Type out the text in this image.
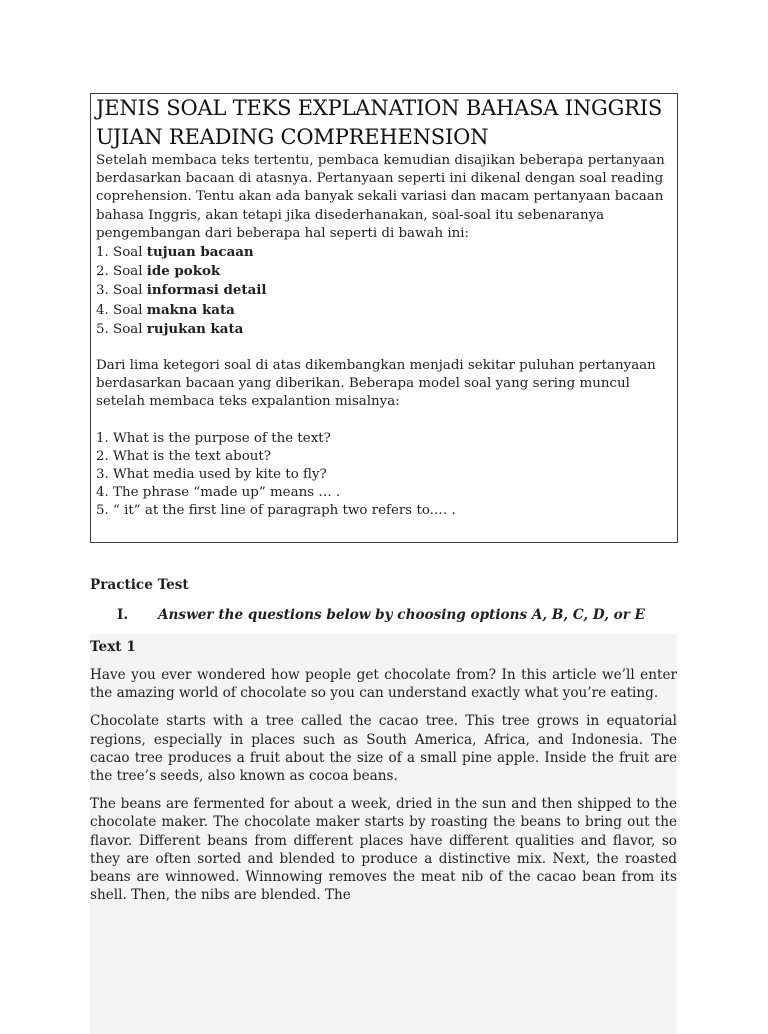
JENIS SOAL TEKS EXPLANATION BAHASA INGGRIS UJIAN READING COMPREHENSION

Setelah membaca teks tertentu, pembaca kemudian disajikan beberapa pertanyaan berdasarkan bacaan di atasnya. Pertanyaan seperti ini dikenal dengan soal reading coprehension. Tentu akan ada banyak sekali variasi dan macam pertanyaan bacaan bahasa Inggris, akan tetapi jika disederhanakan, soal-soal itu sebenaranya pengembangan dari beberapa hal seperti di bawah ini:

1. Soal tujuan bacaan
2. Soal ide pokok
3. Soal informasi detail
4. Soal makna kata
5. Soal rujukan kata

Dari lima ketegori soal di atas dikembangkan menjadi sekitar puluhan pertanyaan berdasarkan bacaan yang diberikan. Beberapa model soal yang sering muncul setelah membaca teks expalantion misalnya:

1. What is the purpose of the text?
2. What is the text about?
3. What media used by kite to fly?
4. The phrase “made up” means … .
5. “ it” at the first line of paragraph two refers to.… .

Practice Test

I.	Answer the questions below by choosing options A, B, C, D, or E

Text 1

Have you ever wondered how people get chocolate from? In this article we’ll enter the amazing world of chocolate so you can understand exactly what you’re eating.

Chocolate starts with a tree called the cacao tree. This tree grows in equatorial regions, especially in places such as South America, Africa, and Indonesia. The cacao tree produces a fruit about the size of a small pine apple. Inside the fruit are the tree’s seeds, also known as cocoa beans.

The beans are fermented for about a week, dried in the sun and then shipped to the chocolate maker. The chocolate maker starts by roasting the beans to bring out the flavor. Different beans from different places have different qualities and flavor, so they are often sorted and blended to produce a distinctive mix. Next, the roasted beans are winnowed. Winnowing removes the meat nib of the cacao bean from its shell. Then, the nibs are blended. The
